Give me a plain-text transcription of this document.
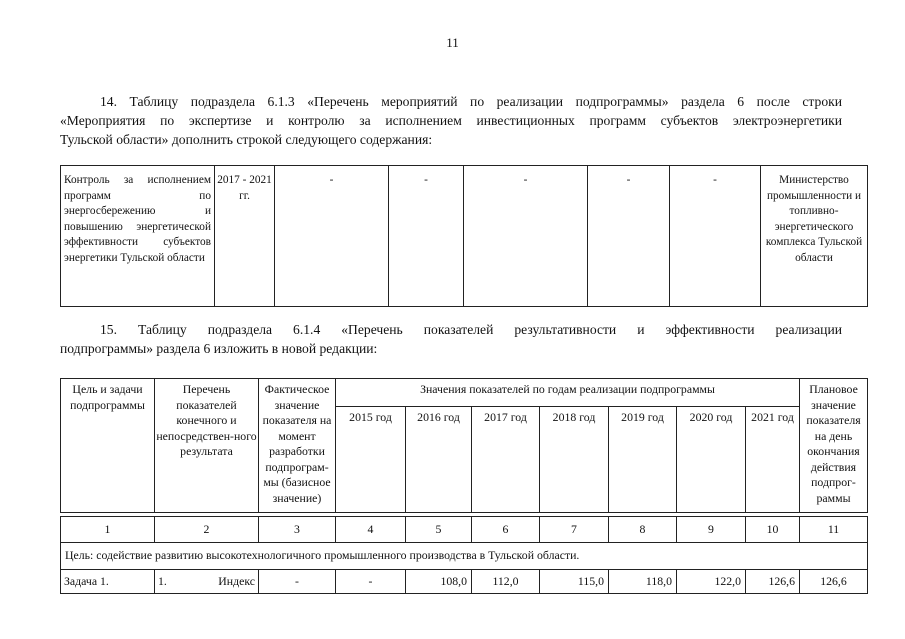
11
14. Таблицу подраздела 6.1.3 «Перечень мероприятий по реализации подпрограммы» раздела 6 после строки
«Мероприятия по экспертизе и контролю за исполнением инвестиционных программ субъектов электроэнергетики
Тульской области» дополнить строкой следующего содержания:
Контроль за исполнением программ по энергосбережению и повышению энергетической эффективности субъектов энергетики Тульской области	2017 - 2021 гг.	-	-	-	-	-	Министерство промышленности и топливно-энергетического комплекса Тульской области
15. Таблицу подраздела 6.1.4 «Перечень показателей результативности и эффективности реализации
подпрограммы» раздела 6 изложить в новой редакции:
Цель и задачи подпрограммы	Перечень показателей конечного и непосредствен-ного результата	Фактическое значение показателя на момент разработки подпрограм-мы (базисное значение)	Значения показателей по годам реализации подпрограммы							Плановое значение показателя на день окончания действия подпрог-раммы
			2015 год	2016 год	2017 год	2018 год	2019 год	2020 год	2021 год	

1	2	3	4	5	6	7	8	9	10	11
Цель: содействие развитию высокотехнологичного промышленного производства в Тульской области.										
Задача 1.	1. Индекс	-	-	108,0	112,0	115,0	118,0	122,0	126,6	126,6
